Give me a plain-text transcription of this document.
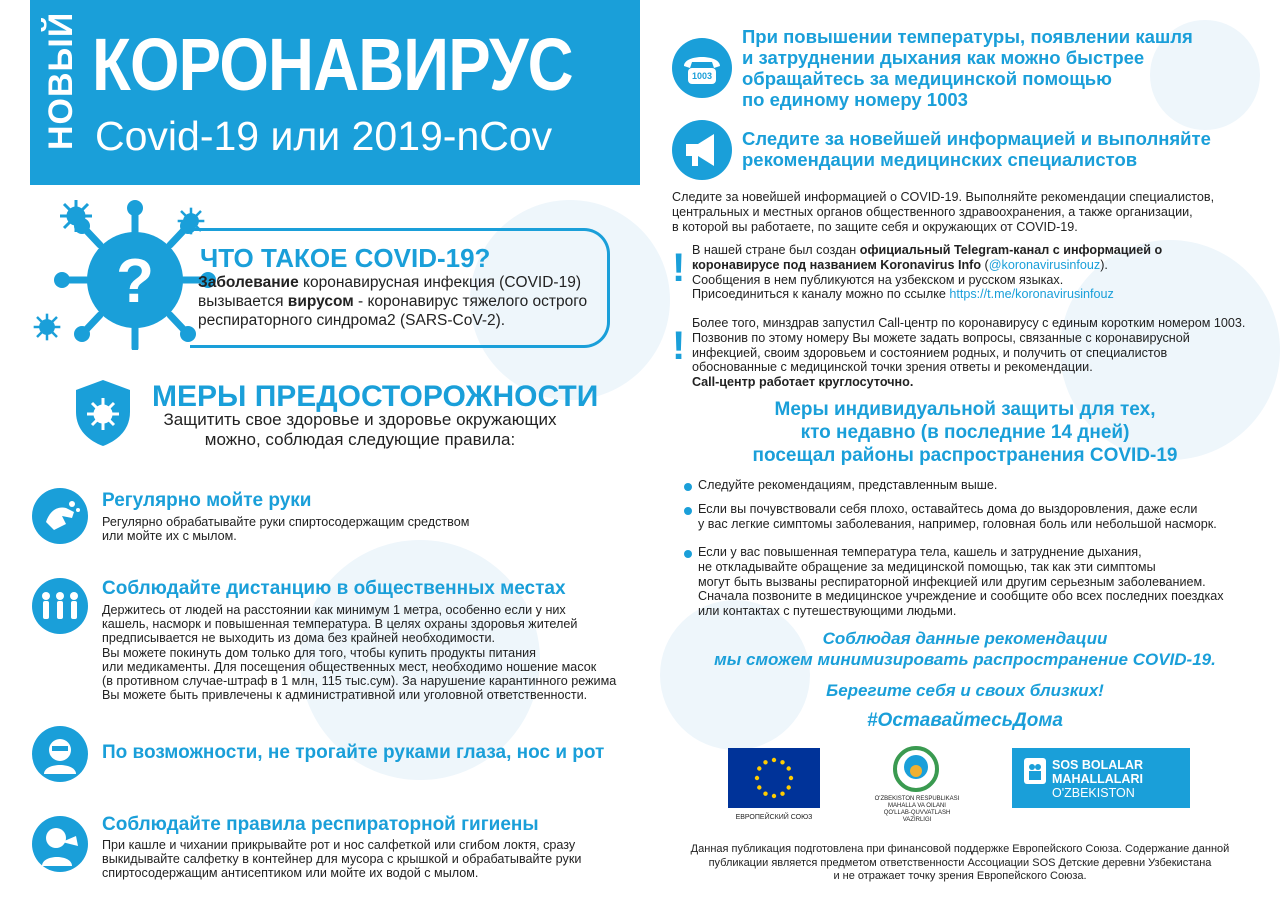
НОВЫЙ КОРОНАВИРУС
Covid-19 или 2019-nCov
? ЧТО ТАКОЕ COVID-19?
Заболевание коронавирусная инфекция (COVID-19) вызывается вирусом - коронавирус тяжелого острого респираторного синдрома2 (SARS-CoV-2).
МЕРЫ ПРЕДОСТОРОЖНОСТИ
Защитить свое здоровье и здоровье окружающих можно, соблюдая следующие правила:
Регулярно мойте руки
Регулярно обрабатывайте руки спиртосодержащим средством
или мойте их с мылом.
Соблюдайте дистанцию в общественных местах
Держитесь от людей на расстоянии как минимум 1 метра, особенно если у них
кашель, насморк и повышенная температура. В целях охраны здоровья жителей
предписывается не выходить из дома без крайней необходимости.
Вы можете покинуть дом только для того, чтобы купить продукты питания
или медикаменты. Для посещения общественных мест, необходимо ношение масок
(в противном случае-штраф в 1 млн, 115 тыс.сум). За нарушение карантинного режима
Вы можете быть привлечены к административной или уголовной ответственности.
По возможности, не трогайте руками глаза, нос и рот
Соблюдайте правила респираторной гигиены
При кашле и чихании прикрывайте рот и нос салфеткой или сгибом локтя, сразу
выкидывайте салфетку в контейнер для мусора с крышкой и обрабатывайте руки
спиртосодержащим антисептиком или мойте их водой с мылом.
1003
При повышении температуры, появлении кашля
и затруднении дыхания как можно быстрее
обращайтесь за медицинской помощью
по единому номеру 1003
Следите за новейшей информацией и выполняйте
рекомендации медицинских специалистов
Следите за новейшей информацией о COVID-19. Выполняйте рекомендации специалистов,
центральных и местных органов общественного здравоохранения, а также организации,
в которой вы работаете, по защите себя и окружающих от COVID-19.
! В нашей стране был создан официальный Telegram-канал с информацией о
коронавирусе под названием Koronavirus Info (@koronavirusinfouz).
Сообщения в нем публикуются на узбекском и русском языках.
Присоединиться к каналу можно по ссылке https://t.me/koronavirusinfouz
!
Более того, минздрав запустил Call-центр по коронавирусу с единым коротким номером 1003.
Позвонив по этому номеру Вы можете задать вопросы, связанные с коронавирусной
инфекцией, своим здоровьем и состоянием родных, и получить от специалистов
обоснованные с медицинской точки зрения ответы и рекомендации.
Call-центр работает круглосуточно.
Меры индивидуальной защиты для тех,
кто недавно (в последние 14 дней)
посещал районы распространения COVID-19
Следуйте рекомендациям, представленным выше.
Если вы почувствовали себя плохо, оставайтесь дома до выздоровления, даже если
у вас легкие симптомы заболевания, например, головная боль или небольшой насморк.
Если у вас повышенная температура тела, кашель и затруднение дыхания,
не откладывайте обращение за медицинской помощью, так как эти симптомы
могут быть вызваны респираторной инфекцией или другим серьезным заболеванием.
Сначала позвоните в медицинское учреждение и сообщите обо всех последних поездках
или контактах с путешествующими людьми.
Соблюдая данные рекомендации
мы сможем минимизировать распространение COVID-19.
Берегите себя и своих близких!
#ОставайтесьДома
ЕВРОПЕЙСКИЙ СОЮЗ
O'ZBEKISTON RESPUBLIKASI
MAHALLA VA OILANI
QO'LLAB-QUVVATLASH
VAZIRLIGI
SOS BOLALAR
MAHALLALARI
O'ZBEKISTON
Данная публикация подготовлена при финансовой поддержке Европейского Союза. Содержание данной
публикации является предметом ответственности Ассоциации SOS Детские деревни Узбекистана
и не отражает точку зрения Европейского Союза.
